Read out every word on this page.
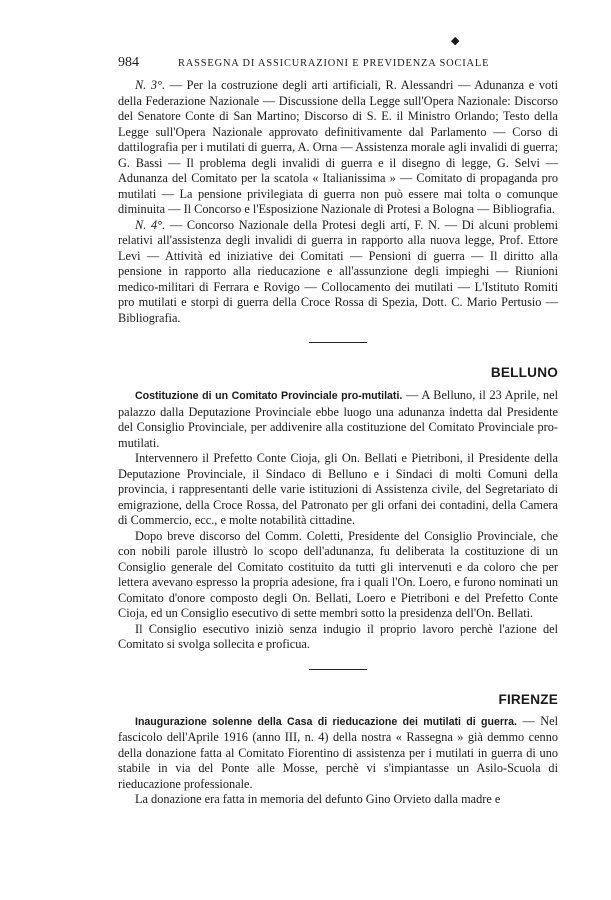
◆
984	RASSEGNA DI ASSICURAZIONI E PREVIDENZA SOCIALE

N. 3°. — Per la costruzione degli arti artificiali, R. Alessandri — Adunanza e voti della Federazione Nazionale — Discussione della Legge sull'Opera Nazionale: Discorso del Senatore Conte di San Martino; Discorso di S. E. il Ministro Orlando; Testo della Legge sull'Opera Nazionale approvato definitivamente dal Parlamento — Corso di dattilografia per i mutilati di guerra, A. Orna — Assistenza morale agli invalidi di guerra; G. Bassi — Il problema degli invalidi di guerra e il disegno di legge, G. Selvi — Adunanza del Comitato per la scatola « Italianissima » — Comitato di propaganda pro mutilati — La pensione privilegiata di guerra non può essere mai tolta o comunque diminuita — Il Concorso e l'Esposizione Nazionale di Protesi a Bologna — Bibliografia.

N. 4°. — Concorso Nazionale della Protesi degli arti, F. N. — Di alcuni problemi relativi all'assistenza degli invalidi di guerra in rapporto alla nuova legge, Prof. Ettore Levi — Attività ed iniziative dei Comitati — Pensioni di guerra — Il diritto alla pensione in rapporto alla rieducazione e all'assunzione degli impieghi — Riunioni medico-militari di Ferrara e Rovigo — Collocamento dei mutilati — L'Istituto Romiti pro mutilati e storpi di guerra della Croce Rossa di Spezia, Dott. C. Mario Pertusio — Bibliografia.

BELLUNO

Costituzione di un Comitato Provinciale pro-mutilati. — A Belluno, il 23 Aprile, nel palazzo dalla Deputazione Provinciale ebbe luogo una adunanza indetta dal Presidente del Consiglio Provinciale, per addivenire alla costituzione del Comitato Provinciale pro-mutilati.

Intervennero il Prefetto Conte Cioja, gli On. Bellati e Pietriboni, il Presidente della Deputazione Provinciale, il Sindaco di Belluno e i Sindaci di molti Comuni della provincia, i rappresentanti delle varie istituzioni di Assistenza civile, del Segretariato di emigrazione, della Croce Rossa, del Patronato per gli orfani dei contadini, della Camera di Commercio, ecc., e molte notabilità cittadine.

Dopo breve discorso del Comm. Coletti, Presidente del Consiglio Provinciale, che con nobili parole illustrò lo scopo dell'adunanza, fu deliberata la costituzione di un Consiglio generale del Comitato costituito da tutti gli intervenuti e da coloro che per lettera avevano espresso la propria adesione, fra i quali l'On. Loero, e furono nominati un Comitato d'onore composto degli On. Bellati, Loero e Pietriboni e del Prefetto Conte Cioja, ed un Consiglio esecutivo di sette membri sotto la presidenza dell'On. Bellati.

Il Consiglio esecutivo iniziò senza indugio il proprio lavoro perchè l'azione del Comitato si svolga sollecita e proficua.

FIRENZE

Inaugurazione solenne della Casa di rieducazione dei mutilati di guerra. — Nel fascicolo dell'Aprile 1916 (anno III, n. 4) della nostra « Rassegna » già demmo cenno della donazione fatta al Comitato Fiorentino di assistenza per i mutilati in guerra di uno stabile in via del Ponte alle Mosse, perchè vi s'impiantasse un Asilo-Scuola di rieducazione professionale.

La donazione era fatta in memoria del defunto Gino Orvieto dalla madre e
